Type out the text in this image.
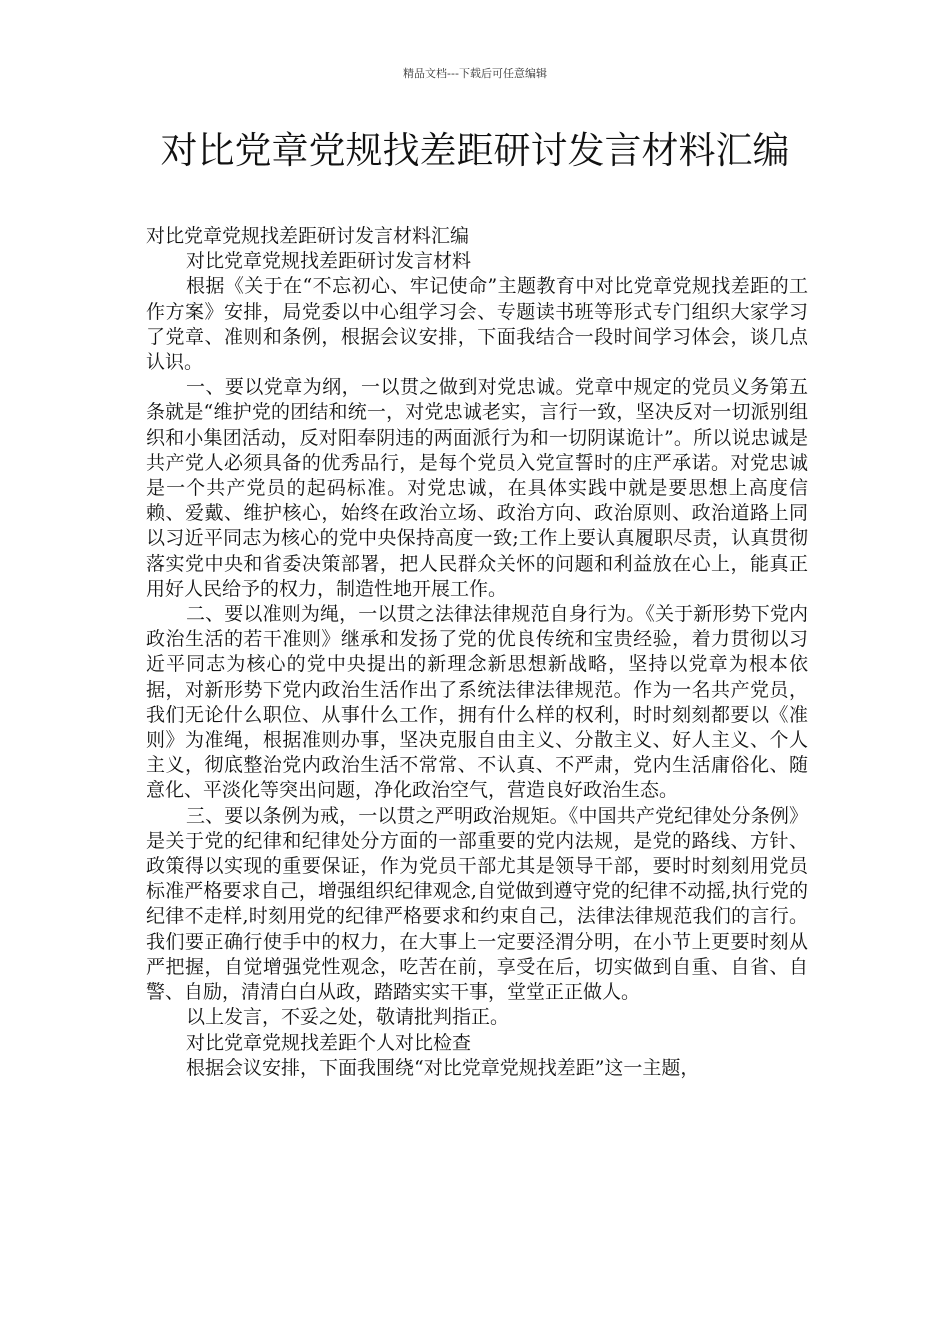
精品文档---下载后可任意编辑
对比党章党规找差距研讨发言材料汇编

对比党章党规找差距研讨发言材料汇编

对比党章党规找差距研讨发言材料

根据《关于在“不忘初心、牢记使命”主题教育中对比党章党规找差距的工作方案》安排，局党委以中心组学习会、专题读书班等形式专门组织大家学习了党章、准则和条例，根据会议安排，下面我结合一段时间学习体会，谈几点认识。

一、要以党章为纲，一以贯之做到对党忠诚。党章中规定的党员义务第五条就是“维护党的团结和统一，对党忠诚老实，言行一致，坚决反对一切派别组织和小集团活动，反对阳奉阴违的两面派行为和一切阴谋诡计”。所以说忠诚是共产党人必须具备的优秀品行，是每个党员入党宣誓时的庄严承诺。对党忠诚是一个共产党员的起码标准。对党忠诚，在具体实践中就是要思想上高度信赖、爱戴、维护核心，始终在政治立场、政治方向、政治原则、政治道路上同以习近平同志为核心的党中央保持高度一致;工作上要认真履职尽责，认真贯彻落实党中央和省委决策部署，把人民群众关怀的问题和利益放在心上，能真正用好人民给予的权力，制造性地开展工作。

二、要以准则为绳，一以贯之法律法律规范自身行为。《关于新形势下党内政治生活的若干准则》继承和发扬了党的优良传统和宝贵经验，着力贯彻以习近平同志为核心的党中央提出的新理念新思想新战略，坚持以党章为根本依据，对新形势下党内政治生活作出了系统法律法律规范。作为一名共产党员，我们无论什么职位、从事什么工作，拥有什么样的权利，时时刻刻都要以《准则》为准绳，根据准则办事，坚决克服自由主义、分散主义、好人主义、个人主义，彻底整治党内政治生活不常常、不认真、不严肃，党内生活庸俗化、随意化、平淡化等突出问题，净化政治空气，营造良好政治生态。

三、要以条例为戒，一以贯之严明政治规矩。《中国共产党纪律处分条例》是关于党的纪律和纪律处分方面的一部重要的党内法规，是党的路线、方针、政策得以实现的重要保证，作为党员干部尤其是领导干部，要时时刻刻用党员标准严格要求自己，增强组织纪律观念,自觉做到遵守党的纪律不动摇,执行党的纪律不走样,时刻用党的纪律严格要求和约束自己，法律法律规范我们的言行。我们要正确行使手中的权力，在大事上一定要泾渭分明，在小节上更要时刻从严把握，自觉增强党性观念，吃苦在前，享受在后，切实做到自重、自省、自警、自励，清清白白从政，踏踏实实干事，堂堂正正做人。

以上发言，不妥之处，敬请批判指正。

对比党章党规找差距个人对比检查

根据会议安排，下面我围绕“对比党章党规找差距”这一主题，
